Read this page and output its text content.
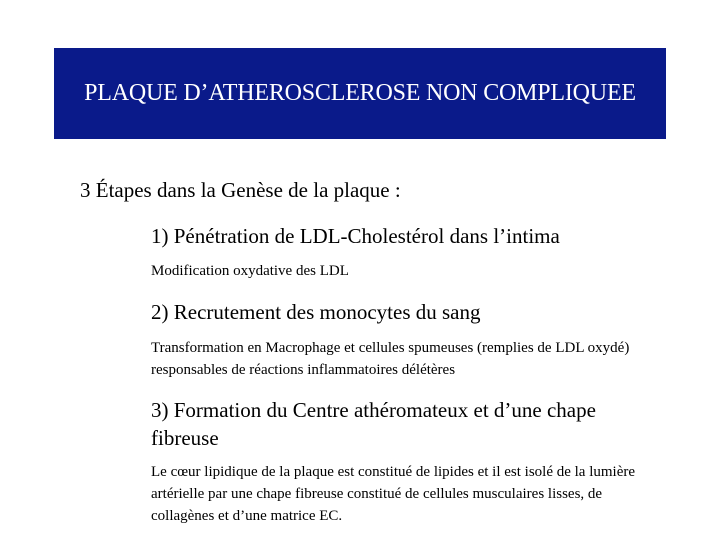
PLAQUE D’ATHEROSCLEROSE NON COMPLIQUEE
3 Étapes dans la Genèse de la plaque :
1) Pénétration de LDL-Cholestérol dans l’intima
Modification oxydative des LDL
2) Recrutement des monocytes du sang
Transformation en Macrophage et cellules spumeuses (remplies de LDL oxydé) responsables de réactions inflammatoires délétères
3) Formation du Centre athéromateux et d’une chape fibreuse
Le cœur lipidique de la plaque est constitué de lipides et il est isolé de la lumière artérielle par une chape fibreuse constitué de cellules musculaires lisses, de collagènes et d’une matrice EC.
